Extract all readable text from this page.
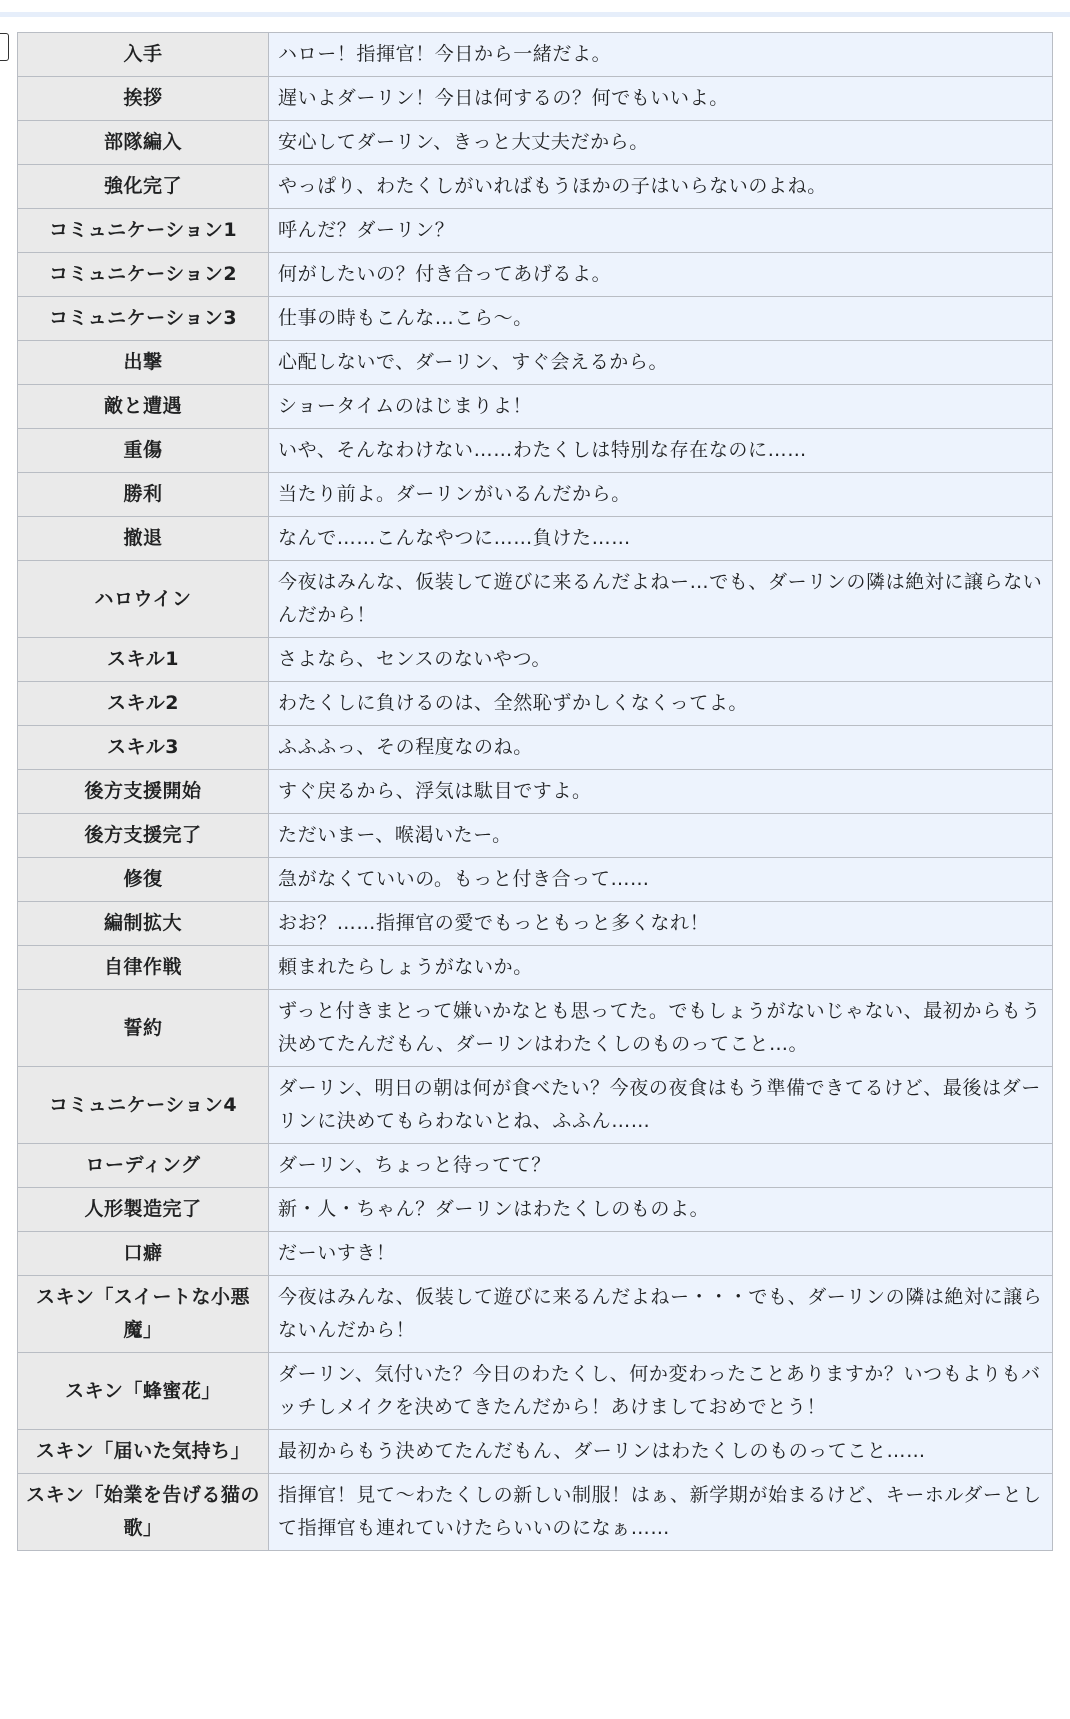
入手	ハロー！指揮官！今日から一緒だよ。
挨拶	遅いよダーリン！今日は何するの？何でもいいよ。
部隊編入	安心してダーリン、きっと大丈夫だから。
強化完了	やっぱり、わたくしがいればもうほかの子はいらないのよね。
コミュニケーション1	呼んだ？ダーリン？
コミュニケーション2	何がしたいの？付き合ってあげるよ。
コミュニケーション3	仕事の時もこんな…こら～。
出撃	心配しないで、ダーリン、すぐ会えるから。
敵と遭遇	ショータイムのはじまりよ！
重傷	いや、そんなわけない……わたくしは特別な存在なのに……
勝利	当たり前よ。ダーリンがいるんだから。
撤退	なんで……こんなやつに……負けた……
ハロウイン	今夜はみんな、仮装して遊びに来るんだよねー…でも、ダーリンの隣は絶対に譲らないんだから！
スキル1	さよなら、センスのないやつ。
スキル2	わたくしに負けるのは、全然恥ずかしくなくってよ。
スキル3	ふふふっ、その程度なのね。
後方支援開始	すぐ戻るから、浮気は駄目ですよ。
後方支援完了	ただいまー、喉渇いたー。
修復	急がなくていいの。もっと付き合って……
編制拡大	おお？……指揮官の愛でもっともっと多くなれ！
自律作戦	頼まれたらしょうがないか。
誓約	ずっと付きまとって嫌いかなとも思ってた。でもしょうがないじゃない、最初からもう決めてたんだもん、ダーリンはわたくしのものってこと…。
コミュニケーション4	ダーリン、明日の朝は何が食べたい？今夜の夜食はもう準備できてるけど、最後はダーリンに決めてもらわないとね、ふふん……
ローディング	ダーリン、ちょっと待ってて？
人形製造完了	新・人・ちゃん？ダーリンはわたくしのものよ。
口癖	だーいすき！
スキン「スイートな小悪魔」	今夜はみんな、仮装して遊びに来るんだよねー・・・でも、ダーリンの隣は絶対に譲らないんだから！
スキン「蜂蜜花」	ダーリン、気付いた？今日のわたくし、何か変わったことありますか？いつもよりもバッチしメイクを決めてきたんだから！あけましておめでとう！
スキン「届いた気持ち」	最初からもう決めてたんだもん、ダーリンはわたくしのものってこと……
スキン「始業を告げる猫の歌」	指揮官！見て～わたくしの新しい制服！はぁ、新学期が始まるけど、キーホルダーとして指揮官も連れていけたらいいのになぁ……
